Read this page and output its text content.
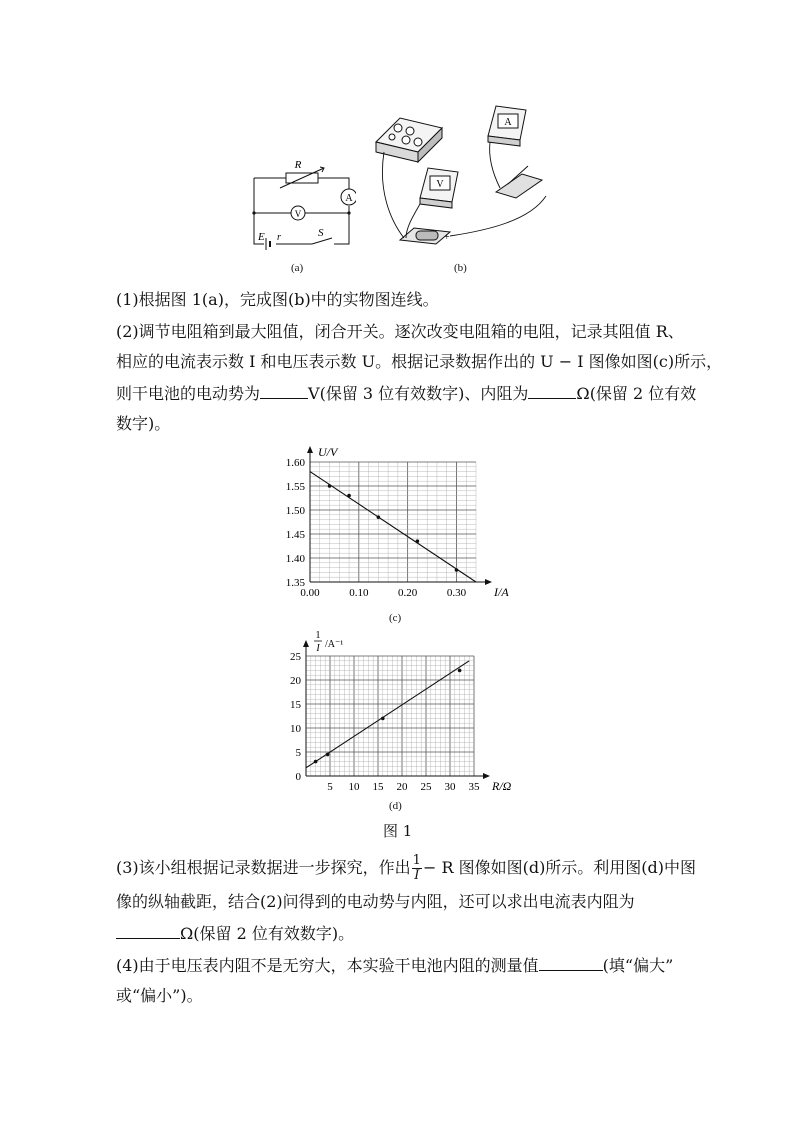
R
V
A
E r	S
(a)
A
V
+
(b)
(1)根据图 1(a)，完成图(b)中的实物图连线。
(2)调节电阻箱到最大阻值，闭合开关。逐次改变电阻箱的电阻，记录其阻值 R、
相应的电流表示数 I 和电压表示数 U。根据记录数据作出的 U − I 图像如图(c)所示，
则干电池的电动势为	V(保留 3 位有效数字)、内阻为	Ω(保留 2 位有效
数字)。
0.00	0.10	0.20	0.30
1.35
1.40
1.45
1.50
1.55
1.60
I/A
U/V
(c)
5 10 15 20 25 30 35
0
5
10
15
20
25
R/Ω
1
I /A⁻¹
(d)
图 1
(3)该小组根据记录数据进一步探究，作出 $\frac{1}{I} - R$ 图像如图(d)所示。利用图(d)中图
像的纵轴截距，结合(2)问得到的电动势与内阻，还可以求出电流表内阻为
Ω(保留 2 位有效数字)。
(4)由于电压表内阻不是无穷大，本实验干电池内阻的测量值	(填“偏大”
或“偏小”)。
